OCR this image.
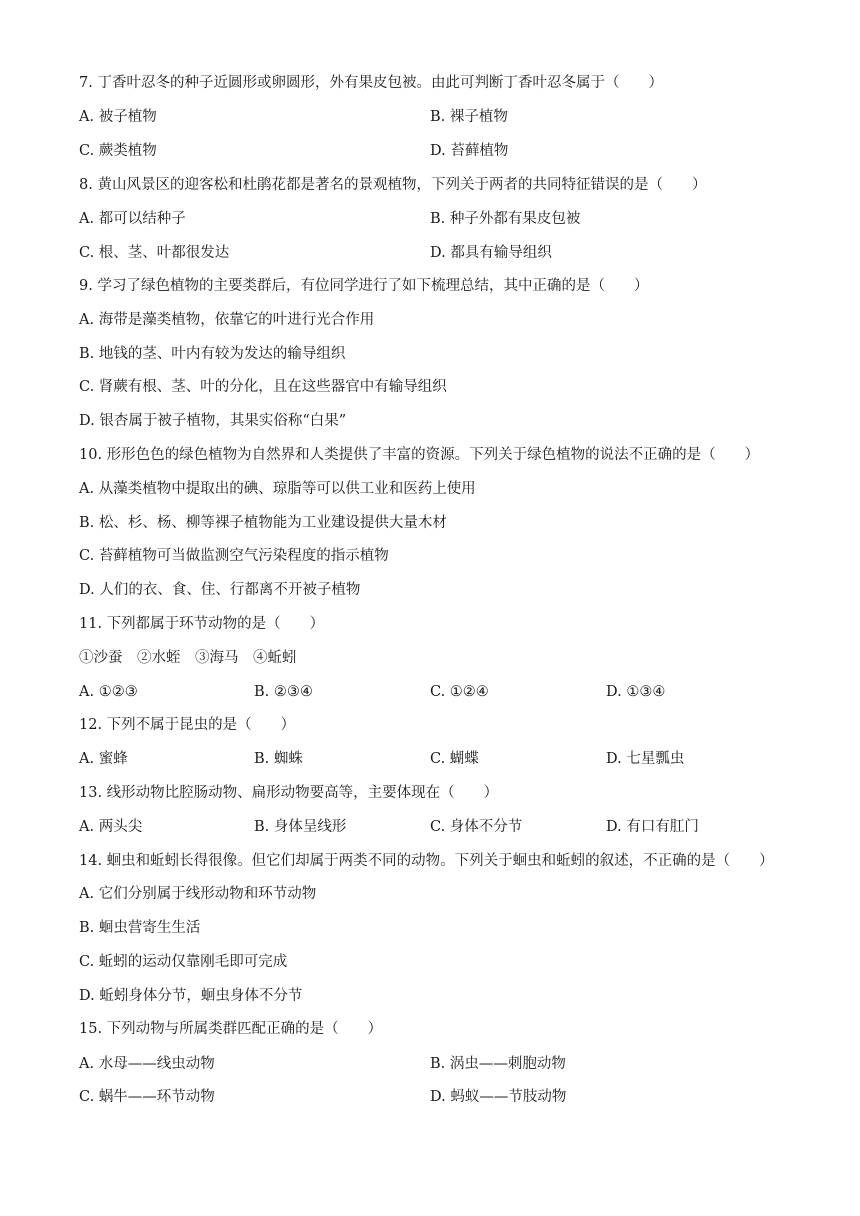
7. 丁香叶忍冬的种子近圆形或卵圆形，外有果皮包被。由此可判断丁香叶忍冬属于（　　）
A. 被子植物	B. 裸子植物
C. 蕨类植物	D. 苔藓植物
8. 黄山风景区的迎客松和杜鹃花都是著名的景观植物，下列关于两者的共同特征错误的是（　　）
A. 都可以结种子	B. 种子外都有果皮包被
C. 根、茎、叶都很发达	D. 都具有输导组织
9. 学习了绿色植物的主要类群后，有位同学进行了如下梳理总结，其中正确的是（　　）
A. 海带是藻类植物，依靠它的叶进行光合作用
B. 地钱的茎、叶内有较为发达的输导组织
C. 肾蕨有根、茎、叶的分化，且在这些器官中有输导组织
D. 银杏属于被子植物，其果实俗称“白果”
10. 形形色色的绿色植物为自然界和人类提供了丰富的资源。下列关于绿色植物的说法不正确的是（　　）
A. 从藻类植物中提取出的碘、琼脂等可以供工业和医药上使用
B. 松、杉、杨、柳等裸子植物能为工业建设提供大量木材
C. 苔藓植物可当做监测空气污染程度的指示植物
D. 人们的衣、食、住、行都离不开被子植物
11. 下列都属于环节动物的是（　　）
①沙蚕　②水蛭　③海马　④蚯蚓
A. ①②③	B. ②③④	C. ①②④	D. ①③④
12. 下列不属于昆虫的是（　　）
A. 蜜蜂	B. 蜘蛛	C. 蝴蝶	D. 七星瓢虫
13. 线形动物比腔肠动物、扁形动物要高等，主要体现在（　　）
A. 两头尖	B. 身体呈线形	C. 身体不分节	D. 有口有肛门
14. 蛔虫和蚯蚓长得很像。但它们却属于两类不同的动物。下列关于蛔虫和蚯蚓的叙述，不正确的是（　　）
A. 它们分别属于线形动物和环节动物
B. 蛔虫营寄生生活
C. 蚯蚓的运动仅靠刚毛即可完成
D. 蚯蚓身体分节，蛔虫身体不分节
15. 下列动物与所属类群匹配正确的是（　　）
A. 水母——线虫动物	B. 涡虫——刺胞动物
C. 蜗牛——环节动物	D. 蚂蚁——节肢动物
